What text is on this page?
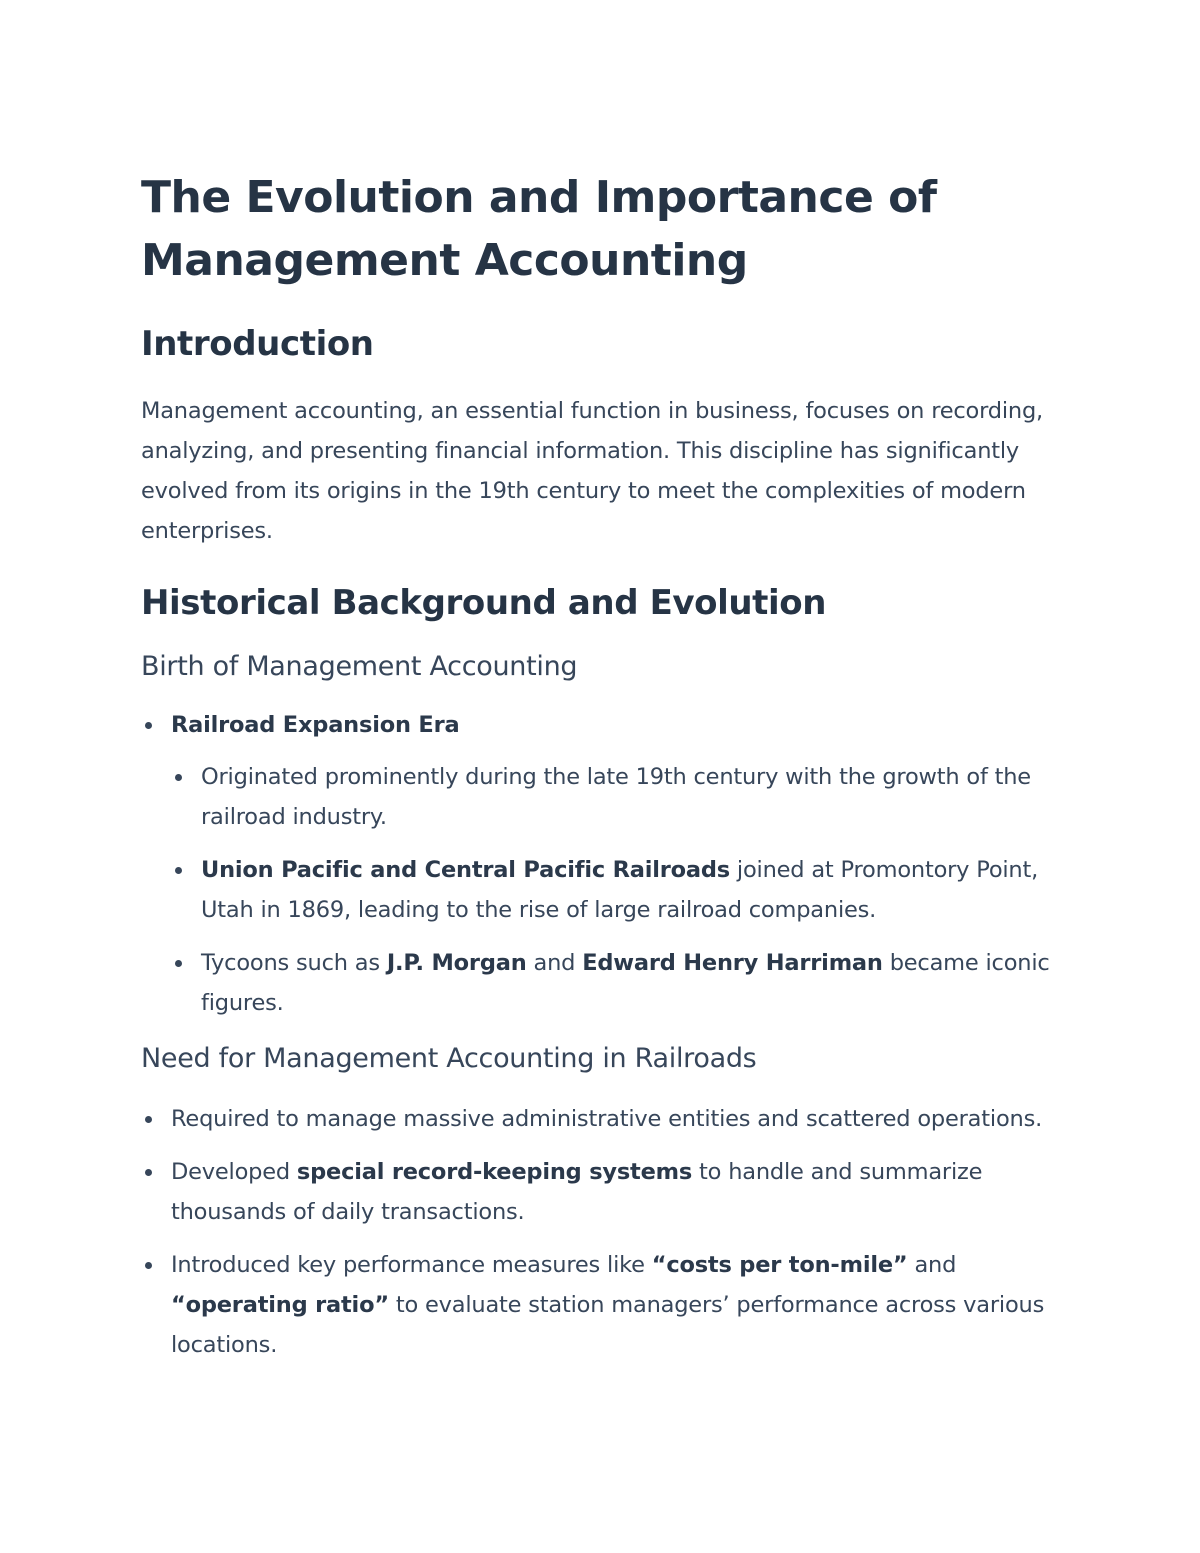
The Evolution and Importance of Management Accounting
Introduction

Management accounting, an essential function in business, focuses on recording, analyzing, and presenting financial information. This discipline has significantly evolved from its origins in the 19th century to meet the complexities of modern enterprises.

Historical Background and Evolution
Birth of Management Accounting
Railroad Expansion Era
Originated prominently during the late 19th century with the growth of the railroad industry.
Union Pacific and Central Pacific Railroads joined at Promontory Point, Utah in 1869, leading to the rise of large railroad companies.
Tycoons such as J.P. Morgan and Edward Henry Harriman became iconic figures.
Need for Management Accounting in Railroads
Required to manage massive administrative entities and scattered operations.
Developed special record-keeping systems to handle and summarize thousands of daily transactions.
Introduced key performance measures like “costs per ton-mile” and “operating ratio” to evaluate station managers’ performance across various locations.
